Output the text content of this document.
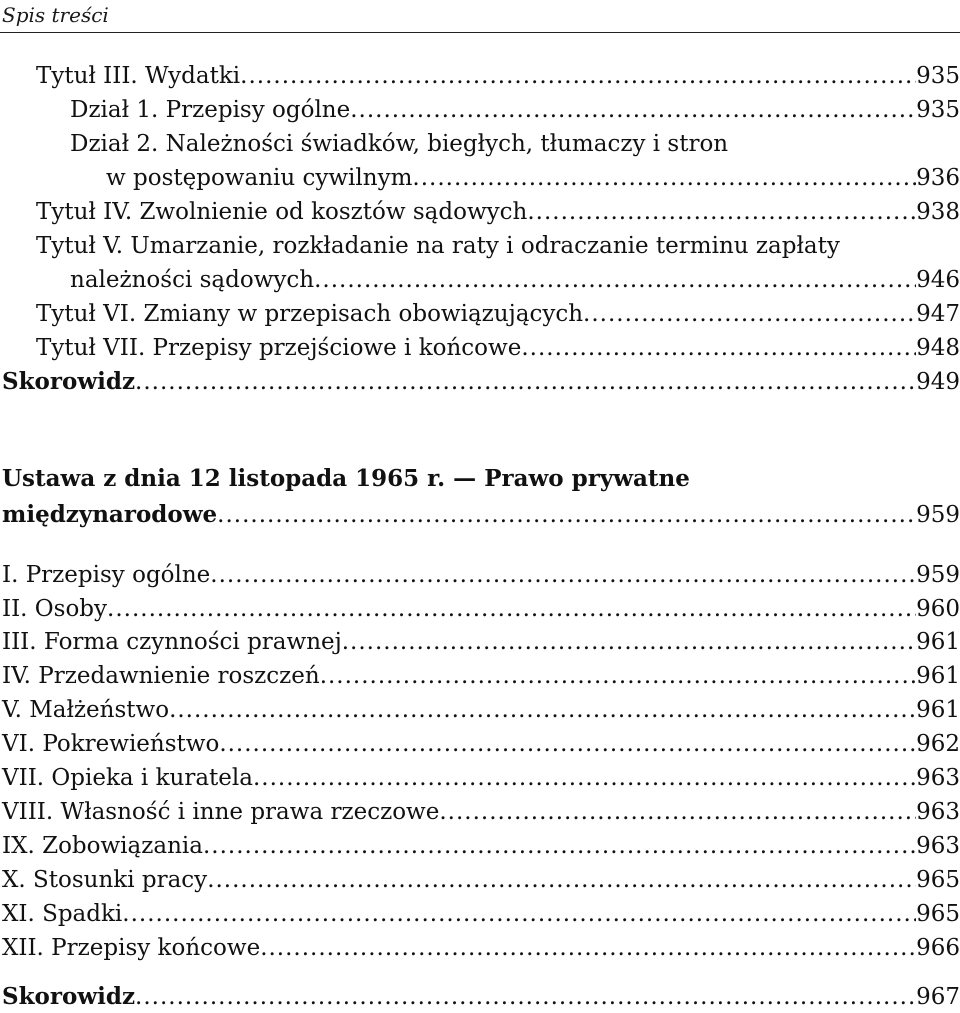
Spis treści
Tytuł III. Wydatki .....	935
Dział 1. Przepisy ogólne .....	935
Dział 2. Należności świadków, biegłych, tłumaczy i stron
w postępowaniu cywilnym .....	936
Tytuł IV. Zwolnienie od kosztów sądowych .....	938
Tytuł V. Umarzanie, rozkładanie na raty i odraczanie terminu zapłaty
należności sądowych .....	946
Tytuł VI. Zmiany w przepisach obowiązujących .....	947
Tytuł VII. Przepisy przejściowe i końcowe .....	948
Skorowidz .....	949
Ustawa z dnia 12 listopada 1965 r. — Prawo prywatne
międzynarodowe .....	959
I. Przepisy ogólne .....	959
II. Osoby .....	960
III. Forma czynności prawnej .....	961
IV. Przedawnienie roszczeń .....	961
V. Małżeństwo .....	961
VI. Pokrewieństwo .....	962
VII. Opieka i kuratela .....	963
VIII. Własność i inne prawa rzeczowe .....	963
IX. Zobowiązania .....	963
X. Stosunki pracy .....	965
XI. Spadki .....	965
XII. Przepisy końcowe .....	966
Skorowidz .....	967
